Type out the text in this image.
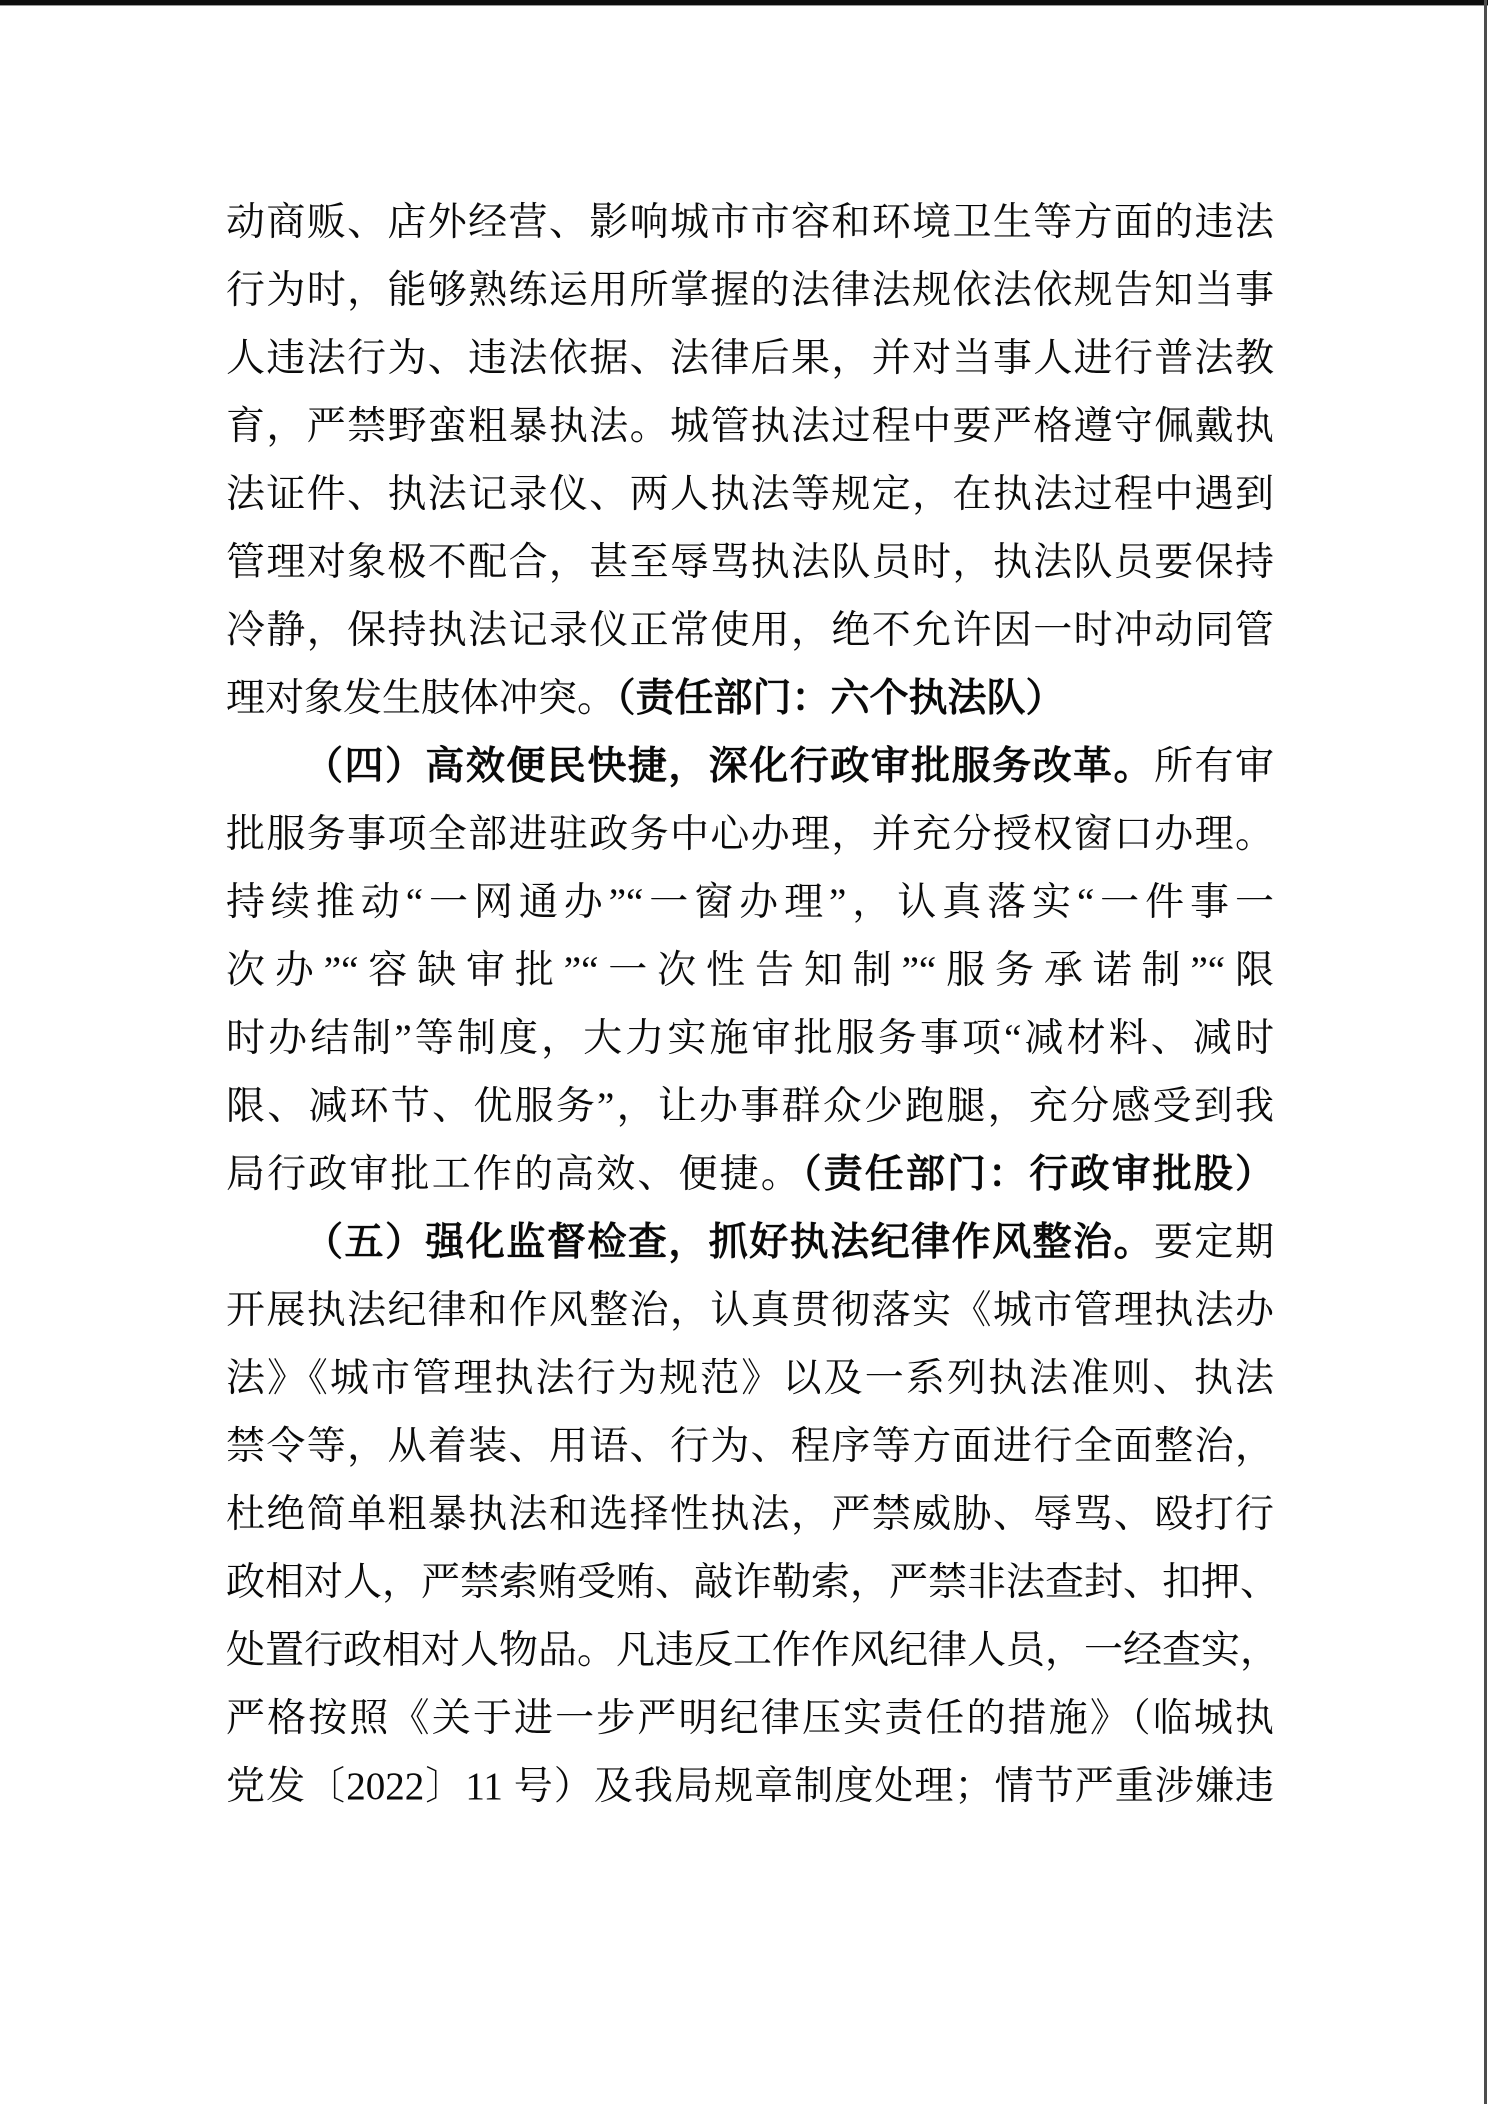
动商贩、店外经营、影响城市市容和环境卫生等方面的违法
行为时，能够熟练运用所掌握的法律法规依法依规告知当事
人违法行为、违法依据、法律后果，并对当事人进行普法教
育，严禁野蛮粗暴执法。城管执法过程中要严格遵守佩戴执
法证件、执法记录仪、两人执法等规定，在执法过程中遇到
管理对象极不配合，甚至辱骂执法队员时，执法队员要保持
冷静，保持执法记录仪正常使用，绝不允许因一时冲动同管
理对象发生肢体冲突。（责任部门：六个执法队）
（四）高效便民快捷，深化行政审批服务改革。所有审
批服务事项全部进驻政务中心办理，并充分授权窗口办理。
持续推动“一网通办”“一窗办理”，认真落实“一件事一
次办”“容缺审批”“一次性告知制”“服务承诺制”“限
时办结制”等制度，大力实施审批服务事项“减材料、减时
限、减环节、优服务”，让办事群众少跑腿，充分感受到我
局行政审批工作的高效、便捷。（责任部门：行政审批股）
（五）强化监督检查，抓好执法纪律作风整治。要定期
开展执法纪律和作风整治，认真贯彻落实《城市管理执法办
法》《城市管理执法行为规范》以及一系列执法准则、执法
禁令等，从着装、用语、行为、程序等方面进行全面整治，
杜绝简单粗暴执法和选择性执法，严禁威胁、辱骂、殴打行
政相对人，严禁索贿受贿、敲诈勒索，严禁非法查封、扣押、
处置行政相对人物品。凡违反工作作风纪律人员，一经查实，
严格按照《关于进一步严明纪律压实责任的措施》（临城执
党发〔2022〕11 号）及我局规章制度处理；情节严重涉嫌违
